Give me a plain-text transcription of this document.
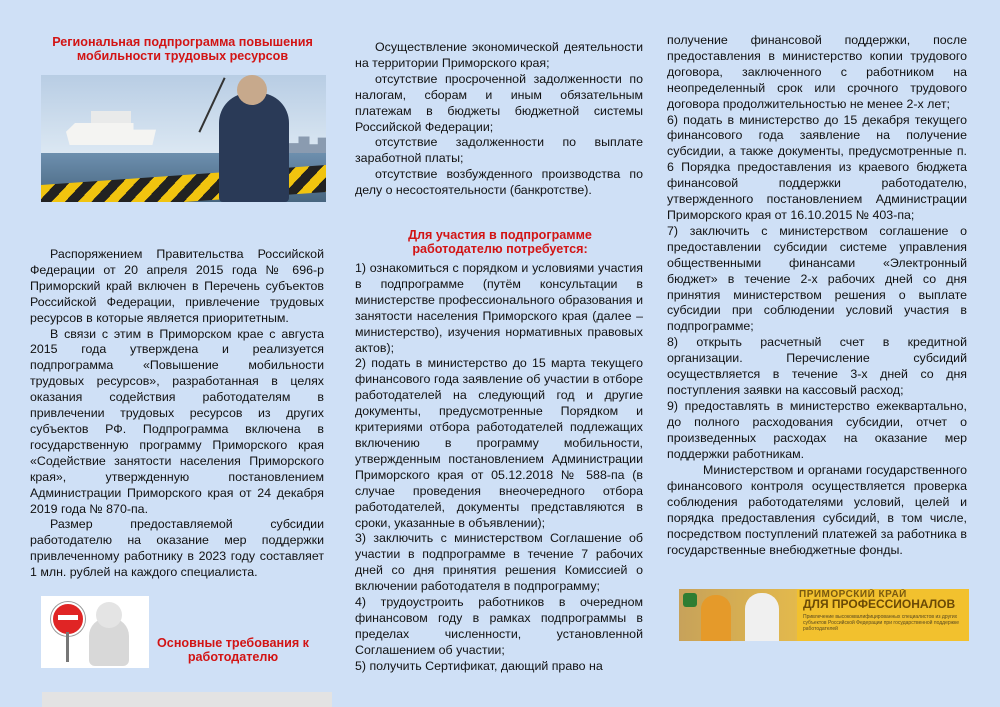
Региональная подпрограмма повышения мобильности трудовых ресурсов

Распоряжением Правительства Российской Федерации от 20 апреля 2015 года № 696-р Приморский край включен в Перечень субъектов Российской Федерации, привлечение трудовых ресурсов в которые является приоритетным.

В связи с этим в Приморском крае с августа 2015 года утверждена и реализуется подпрограмма «Повышение мобильности трудовых ресурсов», разработанная в целях оказания содействия работодателям в привлечении трудовых ресурсов из других субъектов РФ. Подпрограмма включена в государственную программу Приморского края «Содействие занятости населения Приморского края», утвержденную постановлением Администрации Приморского края от 24 декабря 2019 года № 870-па.

Размер предоставляемой субсидии работодателю на оказание мер поддержки привлеченному работнику в 2023 году составляет 1 млн. рублей на каждого специалиста.

Основные требования к работодателю

Осуществление экономической деятельности на территории Приморского края;

отсутствие просроченной задолженности по налогам, сборам и иным обязательным платежам в бюджеты бюджетной системы Российской Федерации;

отсутствие задолженности по выплате заработной платы;

отсутствие возбужденного производства по делу о несостоятельности (банкротстве).

Для участия в подпрограмме работодателю потребуется:

1) ознакомиться с порядком и условиями участия в подпрограмме (путём консультации в министерстве профессионального образования и занятости населения Приморского края (далее – министерство), изучения нормативных правовых актов);

2) подать в министерство до 15 марта текущего финансового года заявление об участии в отборе работодателей на следующий год и другие документы, предусмотренные Порядком и критериями отбора работодателей подлежащих включению в программу мобильности, утвержденным постановлением Администрации Приморского края от 05.12.2018 № 588-па (в случае проведения внеочередного отбора работодателей, документы представляются в сроки, указанные в объявлении);

3) заключить с министерством Соглашение об участии в подпрограмме в течение 7 рабочих дней со дня принятия решения Комиссией о включении работодателя в подпрограмму;

4) трудоустроить работников в очередном финансовом году в рамках подпрограммы в пределах численности, установленной Соглашением об участии;

5) получить Сертификат, дающий право на

получение финансовой поддержки, после предоставления в министерство копии трудового договора, заключенного с работником на неопределенный срок или срочного трудового договора продолжительностью не менее 2-х лет;

6) подать в министерство до 15 декабря текущего финансового года заявление на получение субсидии, а также документы, предусмотренные п. 6 Порядка предоставления из краевого бюджета финансовой поддержки работодателю, утвержденного постановлением Администрации Приморского края от 16.10.2015 № 403-па;

7) заключить с министерством соглашение о предоставлении субсидии системе управления общественными финансами «Электронный бюджет» в течение 2-х рабочих дней со дня принятия министерством решения о выплате субсидии при соблюдении условий участия в подпрограмме;

8) открыть расчетный счет в кредитной организации. Перечисление субсидий осуществляется в течение 3-х дней со дня поступления заявки на кассовый расход;

9) предоставлять в министерство ежеквартально, до полного расходования субсидии, отчет о произведенных расходах на оказание мер поддержки работникам.

Министерством и органами государственного финансового контроля осуществляется проверка соблюдения работодателями условий, целей и порядка предоставления субсидий, в том числе, посредством поступлений платежей за работника в государственные внебюджетные фонды.

ПРИМОРСКИЙ КРАЙ
ДЛЯ ПРОФЕССИОНАЛОВ
Привлечение высококвалифицированных специалистов из других субъектов Российской Федерации при государственной поддержке работодателей
